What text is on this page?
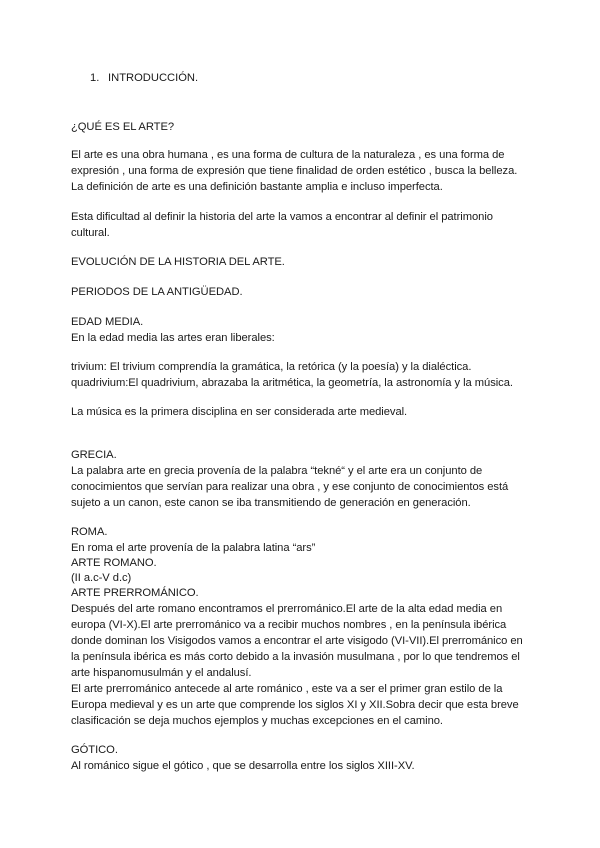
1. INTRODUCCIÓN.
¿QUÉ ES EL ARTE?
El arte es una obra humana , es una forma de cultura de la naturaleza , es una forma de
expresión , una forma de expresión que tiene finalidad de orden estético , busca la belleza.
La definición de arte es una definición bastante amplia e incluso imperfecta.
Esta dificultad al definir la historia del arte la vamos a encontrar al definir el patrimonio
cultural.
EVOLUCIÓN DE LA HISTORIA DEL ARTE.
PERIODOS DE LA ANTIGÜEDAD.
EDAD MEDIA.
En la edad media las artes eran liberales:
trivium: El trivium comprendía la gramática, la retórica (y la poesía) y la dialéctica.
quadrivium:El quadrivium, abrazaba la aritmética, la geometría, la astronomía y la música.
La música es la primera disciplina en ser considerada arte medieval.
GRECIA.
La palabra arte en grecia provenía de la palabra “tekné“ y el arte era un conjunto de
conocimientos que servían para realizar una obra , y ese conjunto de conocimientos está
sujeto a un canon, este canon se iba transmitiendo de generación en generación.
ROMA.
En roma el arte provenía de la palabra latina “ars”
ARTE ROMANO.
(II a.c-V d.c)
ARTE PRERROMÁNICO.
Después del arte romano encontramos el prerrománico.El arte de la alta edad media en
europa (VI-X).El arte prerrománico va a recibir muchos nombres , en la península ibérica
donde dominan los Visigodos vamos a encontrar el arte visigodo (VI-VII).El prerrománico en
la península ibérica es más corto debido a la invasión musulmana , por lo que tendremos el
arte hispanomusulmán y el andalusí.
El arte prerrománico antecede al arte románico , este va a ser el primer gran estilo de la
Europa medieval y es un arte que comprende los siglos XI y XII.Sobra decir que esta breve
clasificación se deja muchos ejemplos y muchas excepciones en el camino.
GÓTICO.
Al románico sigue el gótico , que se desarrolla entre los siglos XIII-XV.
